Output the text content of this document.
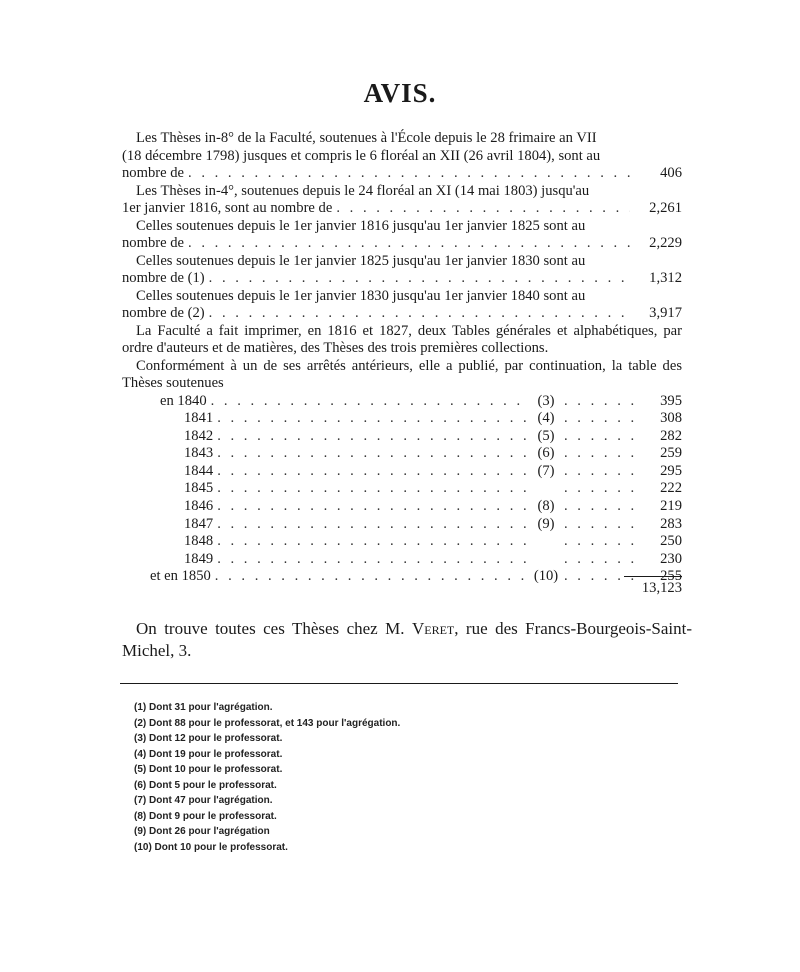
AVIS.
Les Thèses in-8° de la Faculté, soutenues à l'École depuis le 28 frimaire an VII
(18 décembre 1798) jusques et compris le 6 floréal an XII (26 avril 1804), sont au
nombre de . . .	406
Les Thèses in-4°, soutenues depuis le 24 floréal an XI (14 mai 1803) jusqu'au
1er janvier 1816, sont au nombre de . . .	2,261
Celles soutenues depuis le 1er janvier 1816 jusqu'au 1er janvier 1825 sont au
nombre de . . .	2,229
Celles soutenues depuis le 1er janvier 1825 jusqu'au 1er janvier 1830 sont au
nombre de (1) . . .	1,312
Celles soutenues depuis le 1er janvier 1830 jusqu'au 1er janvier 1840 sont au
nombre de (2) . . .	3,917
La Faculté a fait imprimer, en 1816 et 1827, deux Tables générales et alphabétiques, par ordre d'auteurs et de matières, des Thèses des trois premières collections.
Conformément à un de ses arrêtés antérieurs, elle a publié, par continuation, la table des Thèses soutenues
en 1840 . . .	(3) . . .	395
1841 . . .	(4) . . .	308
1842 . . .	(5) . . .	282
1843 . . .	(6) . . .	259
1844 . . .	(7) . . .	295
1845 . . . . . .	222
1846 . . .	(8) . . .	219
1847 . . .	(9) . . .	283
1848 . . . . . .	250
1849 . . . . . .	230
et en 1850 . . .	(10) . . .	255
13,123
On trouve toutes ces Thèses chez M. Veret, rue des Francs-Bourgeois-Saint-Michel, 3.
(1) Dont 31 pour l'agrégation.
(2) Dont 88 pour le professorat, et 143 pour l'agrégation.
(3) Dont 12 pour le professorat.
(4) Dont 19 pour le professorat.
(5) Dont 10 pour le professorat.
(6) Dont 5 pour le professorat.
(7) Dont 47 pour l'agrégation.
(8) Dont 9 pour le professorat.
(9) Dont 26 pour l'agrégation
(10) Dont 10 pour le professorat.
